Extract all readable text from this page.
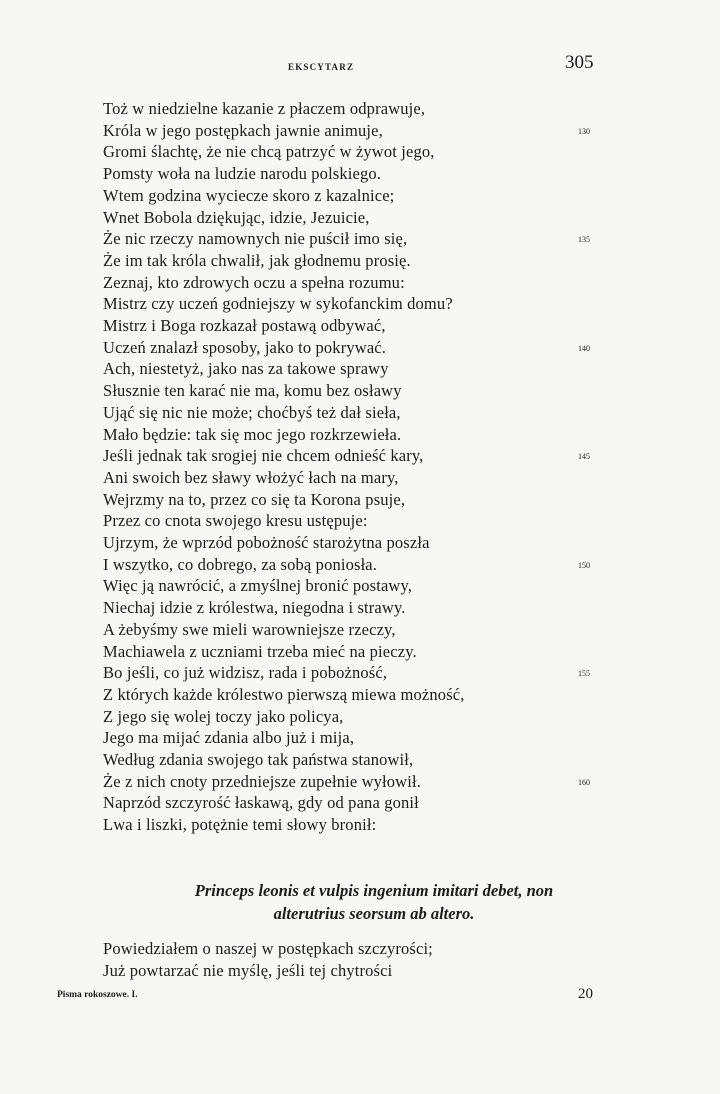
EKSCYTARZ	305
Toż w niedzielne kazanie z płaczem odprawuje,
Króla w jego postępkach jawnie animuje,
Gromi ślachtę, że nie chcą patrzyć w żywot jego,
Pomsty woła na ludzie narodu polskiego.
Wtem godzina wyciecze skoro z kazalnice;
Wnet Bobola dziękując, idzie, Jezuicie,
Że nic rzeczy namownych nie puścił imo się,
Że im tak króla chwalił, jak głodnemu prosię.
Zeznaj, kto zdrowych oczu a spełna rozumu:
Mistrz czy uczeń godniejszy w sykofanckim domu?
Mistrz i Boga rozkazał postawą odbywać,
Uczeń znalazł sposoby, jako to pokrywać.
Ach, niestetyż, jako nas za takowe sprawy
Słusznie ten karać nie ma, komu bez osławy
Ująć się nic nie może; choćbyś też dał sieła,
Mało będzie: tak się moc jego rozkrzewieła.
Jeśli jednak tak srogiej nie chcem odnieść kary,
Ani swoich bez sławy włożyć łach na mary,
Wejrzmy na to, przez co się ta Korona psuje,
Przez co cnota swojego kresu ustępuje:
Ujrzym, że wprzód pobożność starożytna poszła
I wszytko, co dobrego, za sobą poniosła.
Więc ją nawrócić, a zmyślnej bronić postawy,
Niechaj idzie z królestwa, niegodna i strawy.
A żebyśmy swe mieli warowniejsze rzeczy,
Machiawela z uczniami trzeba mieć na pieczy.
Bo jeśli, co już widzisz, rada i pobożność,
Z których każde królestwo pierwszą miewa możność,
Z jego się wolej toczy jako policya,
Jego ma mijać zdania albo już i mija,
Według zdania swojego tak państwa stanowił,
Że z nich cnoty przedniejsze zupełnie wyłowił.
Naprzód szczyrość łaskawą, gdy od pana gonił
Lwa i liszki, potężnie temi słowy bronił:
130
135
140
145
150
155
160
Princeps leonis et vulpis ingenium imitari debet, non
alterutrius seorsum ab altero.
Powiedziałem o naszej w postępkach szczyrości;
Już powtarzać nie myślę, jeśli tej chytrości
Pisma rokoszowe. I.	20
